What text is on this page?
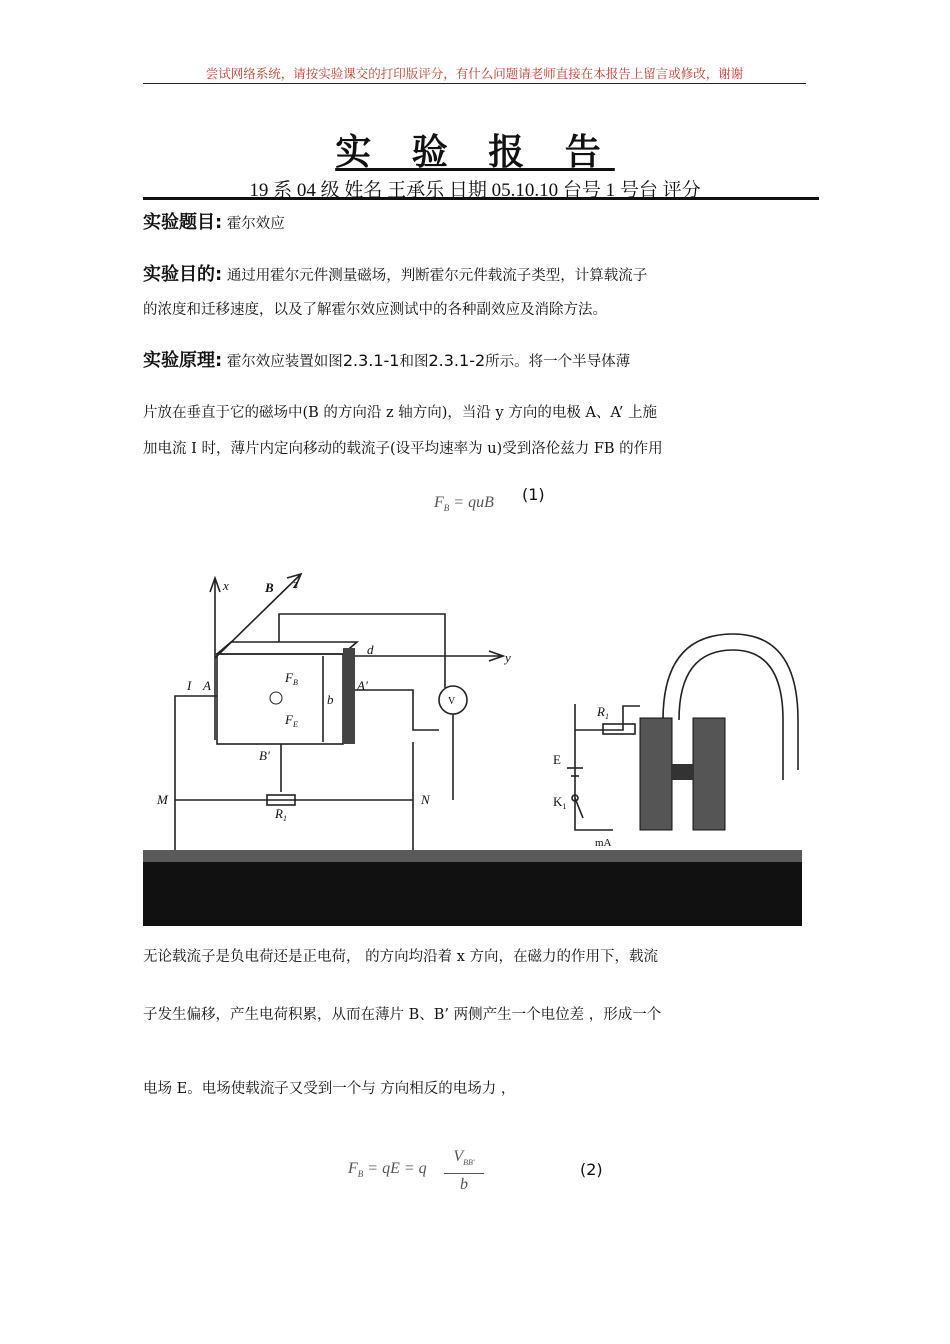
尝试网络系统，请按实验课交的打印版评分，有什么问题请老师直接在本报告上留言或修改，谢谢
实 验 报 告
19 系 04 级 姓名 王承乐 日期 05.10.10 台号 1 号台 评分
实验题目: 霍尔效应
实验目的: 通过用霍尔元件测量磁场，判断霍尔元件载流子类型，计算载流子
的浓度和迁移速度，以及了解霍尔效应测试中的各种副效应及消除方法。
实验原理: 霍尔效应装置如图2.3.1-1和图2.3.1-2所示。将一个半导体薄
片放在垂直于它的磁场中(B 的方向沿 z 轴方向)，当沿 y 方向的电极 A、A’ 上施
加电流 I 时，薄片内定向移动的载流子(设平均速率为 u)受到洛伦兹力 FB 的作用
$F_B$ = quB (1)
x	B z
y
d
I A	A'
$F_B$
$F_E$
b
B'
V
M	N
$R_1$
$R_1$
E
$K_1$
mA
无论载流子是负电荷还是正电荷， 的方向均沿着 x 方向，在磁力的作用下，载流
子发生偏移，产生电荷积累，从而在薄片 B、B’ 两侧产生一个电位差 ，形成一个
电场 E。电场使载流子又受到一个与 方向相反的电场力 ，
$F_B$ = qE = q
$V_{BB'}$
b
(2)
